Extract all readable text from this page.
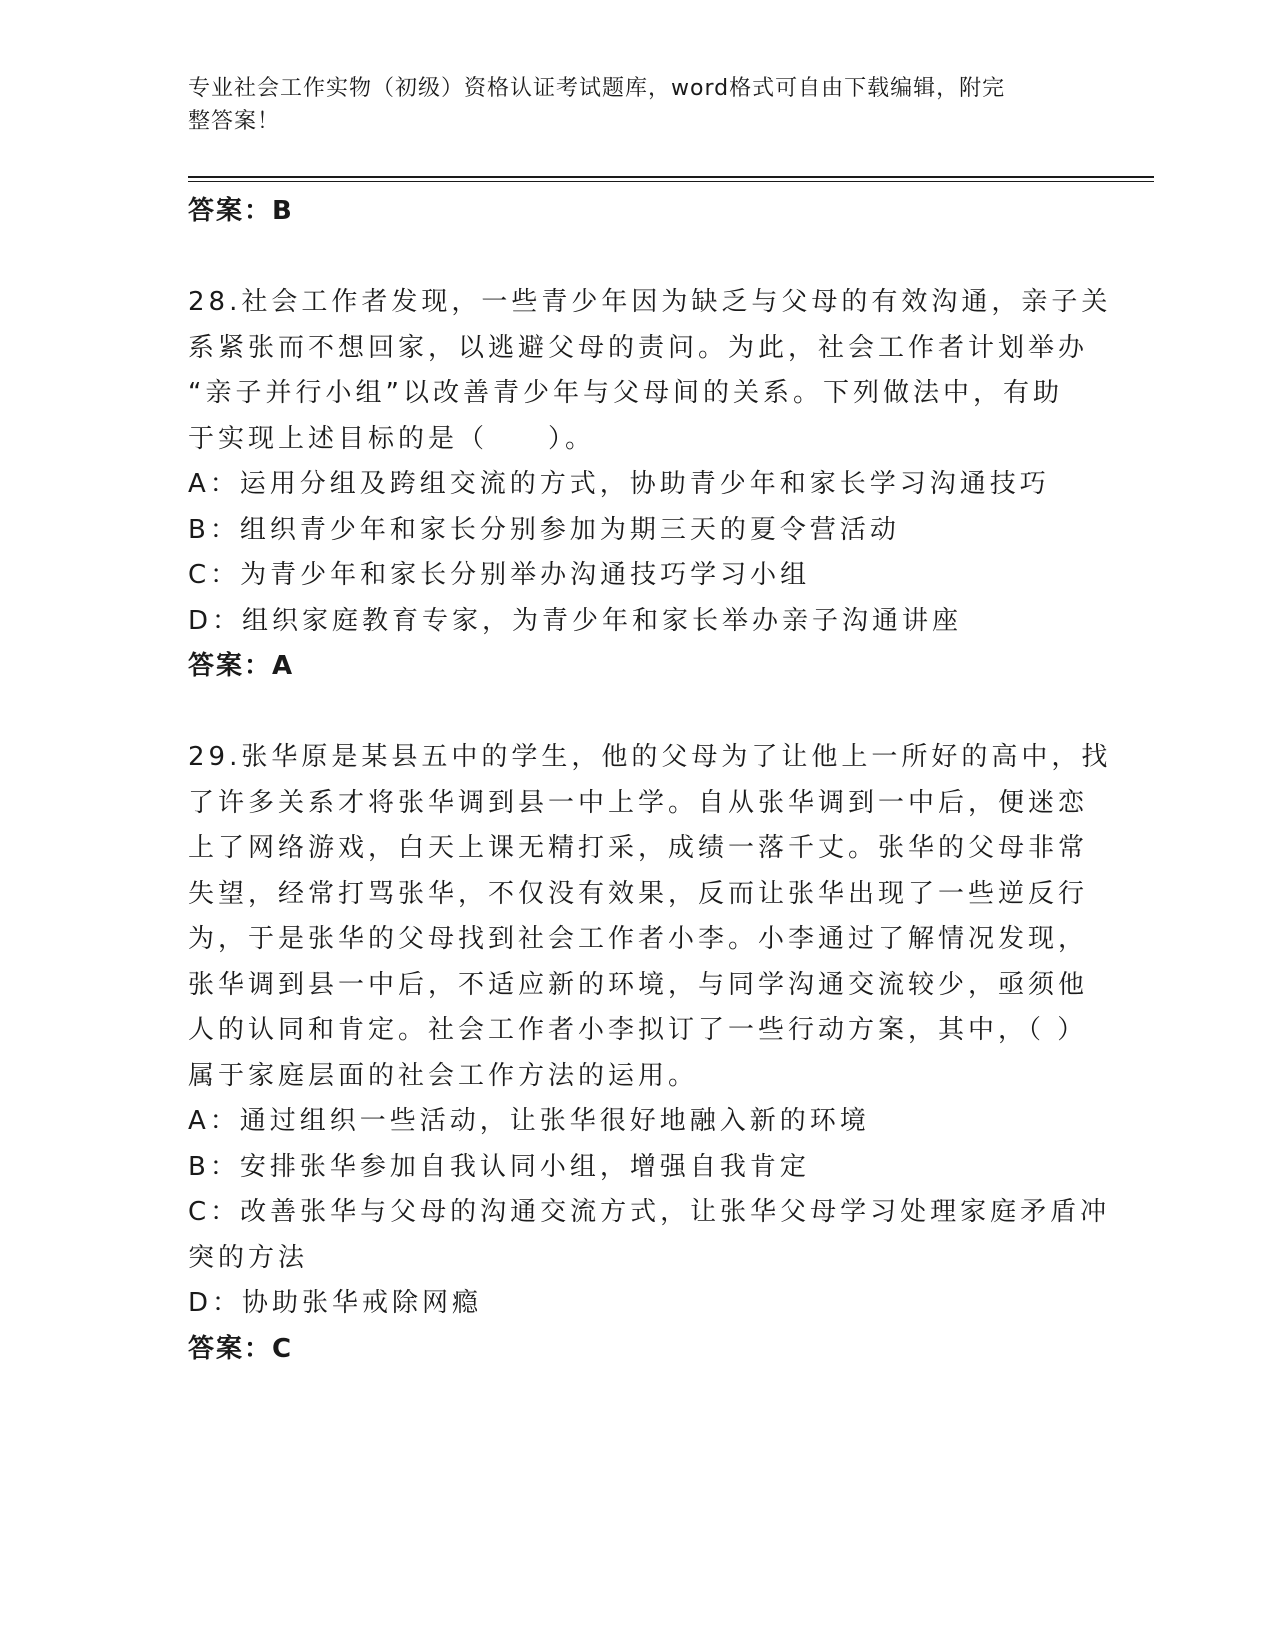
专业社会工作实物（初级）资格认证考试题库，word格式可自由下载编辑，附完
整答案！
答案：B
28.社会工作者发现，一些青少年因为缺乏与父母的有效沟通，亲子关
系紧张而不想回家，以逃避父母的责问。为此，社会工作者计划举办
“亲子并行小组”以改善青少年与父母间的关系。下列做法中，有助
于实现上述目标的是（　　）。
A：运用分组及跨组交流的方式，协助青少年和家长学习沟通技巧
B：组织青少年和家长分别参加为期三天的夏令营活动
C：为青少年和家长分别举办沟通技巧学习小组
D：组织家庭教育专家，为青少年和家长举办亲子沟通讲座
答案：A
29.张华原是某县五中的学生，他的父母为了让他上一所好的高中，找
了许多关系才将张华调到县一中上学。自从张华调到一中后，便迷恋
上了网络游戏，白天上课无精打采，成绩一落千丈。张华的父母非常
失望，经常打骂张华，不仅没有效果，反而让张华出现了一些逆反行
为，于是张华的父母找到社会工作者小李。小李通过了解情况发现，
张华调到县一中后，不适应新的环境，与同学沟通交流较少，亟须他
人的认同和肯定。社会工作者小李拟订了一些行动方案，其中，（ ）
属于家庭层面的社会工作方法的运用。
A：通过组织一些活动，让张华很好地融入新的环境
B：安排张华参加自我认同小组，增强自我肯定
C：改善张华与父母的沟通交流方式，让张华父母学习处理家庭矛盾冲
突的方法
D：协助张华戒除网瘾
答案：C
